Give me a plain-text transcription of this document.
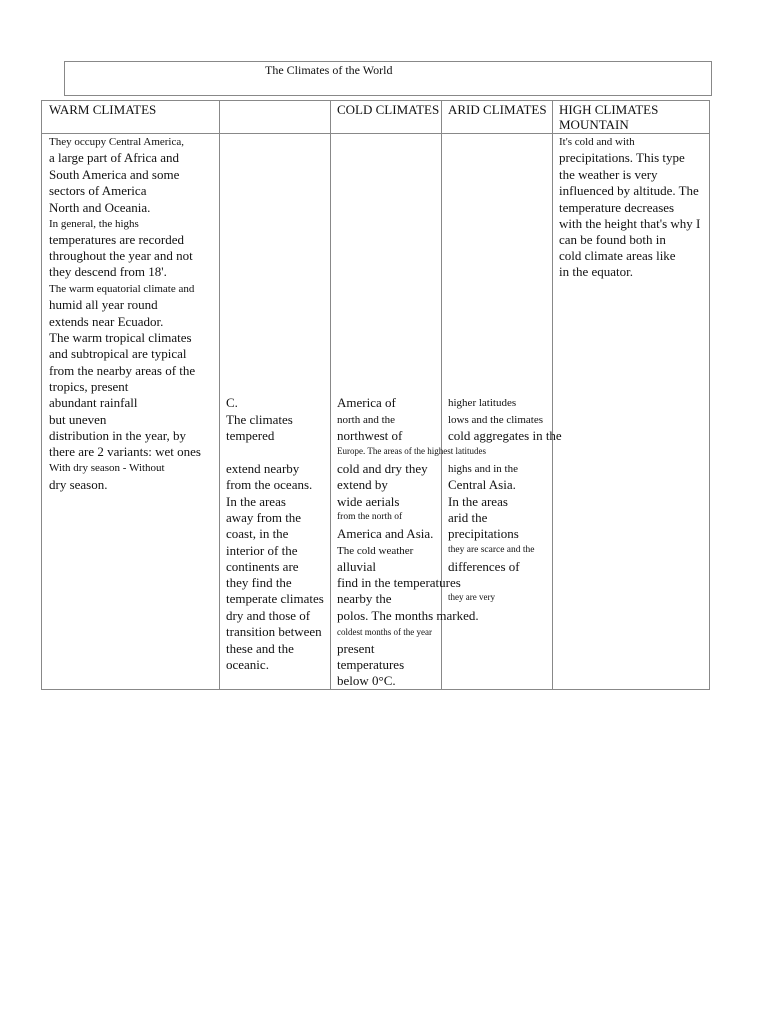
The Climates of the World
WARM CLIMATES	COLD CLIMATES ARID CLIMATES HIGH CLIMATES
MOUNTAIN
They occupy Central America,
a large part of Africa and
South America and some
sectors of America
North and Oceania.
In general, the highs
temperatures are recorded
throughout the year and not
they descend from 18'.
The warm equatorial climate and
humid all year round
extends near Ecuador.
The warm tropical climates
and subtropical are typical
from the nearby areas of the
tropics, present
abundant rainfall
but uneven
distribution in the year, by
there are 2 variants: wet ones
With dry season - Without
dry season.
C.
The climates
tempered
extend nearby
from the oceans.
In the areas
away from the
coast, in the
interior of the
continents are
they find the
temperate climates
dry and those of
transition between
these and the
oceanic.
America of
north and the
northwest of
Europe. The areas of the highest latitudes
cold and dry they
extend by
wide aerials
from the north of
America and Asia.
The cold weather
alluvial
find in the temperatures
nearby the
polos. The months marked.
coldest months of the year
present
temperatures
below 0°C.
higher latitudes
lows and the climates
cold aggregates in the
highs and in the
Central Asia.
In the areas
arid the
precipitations
they are scarce and the
differences of
they are very
It's cold and with
precipitations. This type
the weather is very
influenced by altitude. The
temperature decreases
with the height that's why I
can be found both in
cold climate areas like
in the equator.
